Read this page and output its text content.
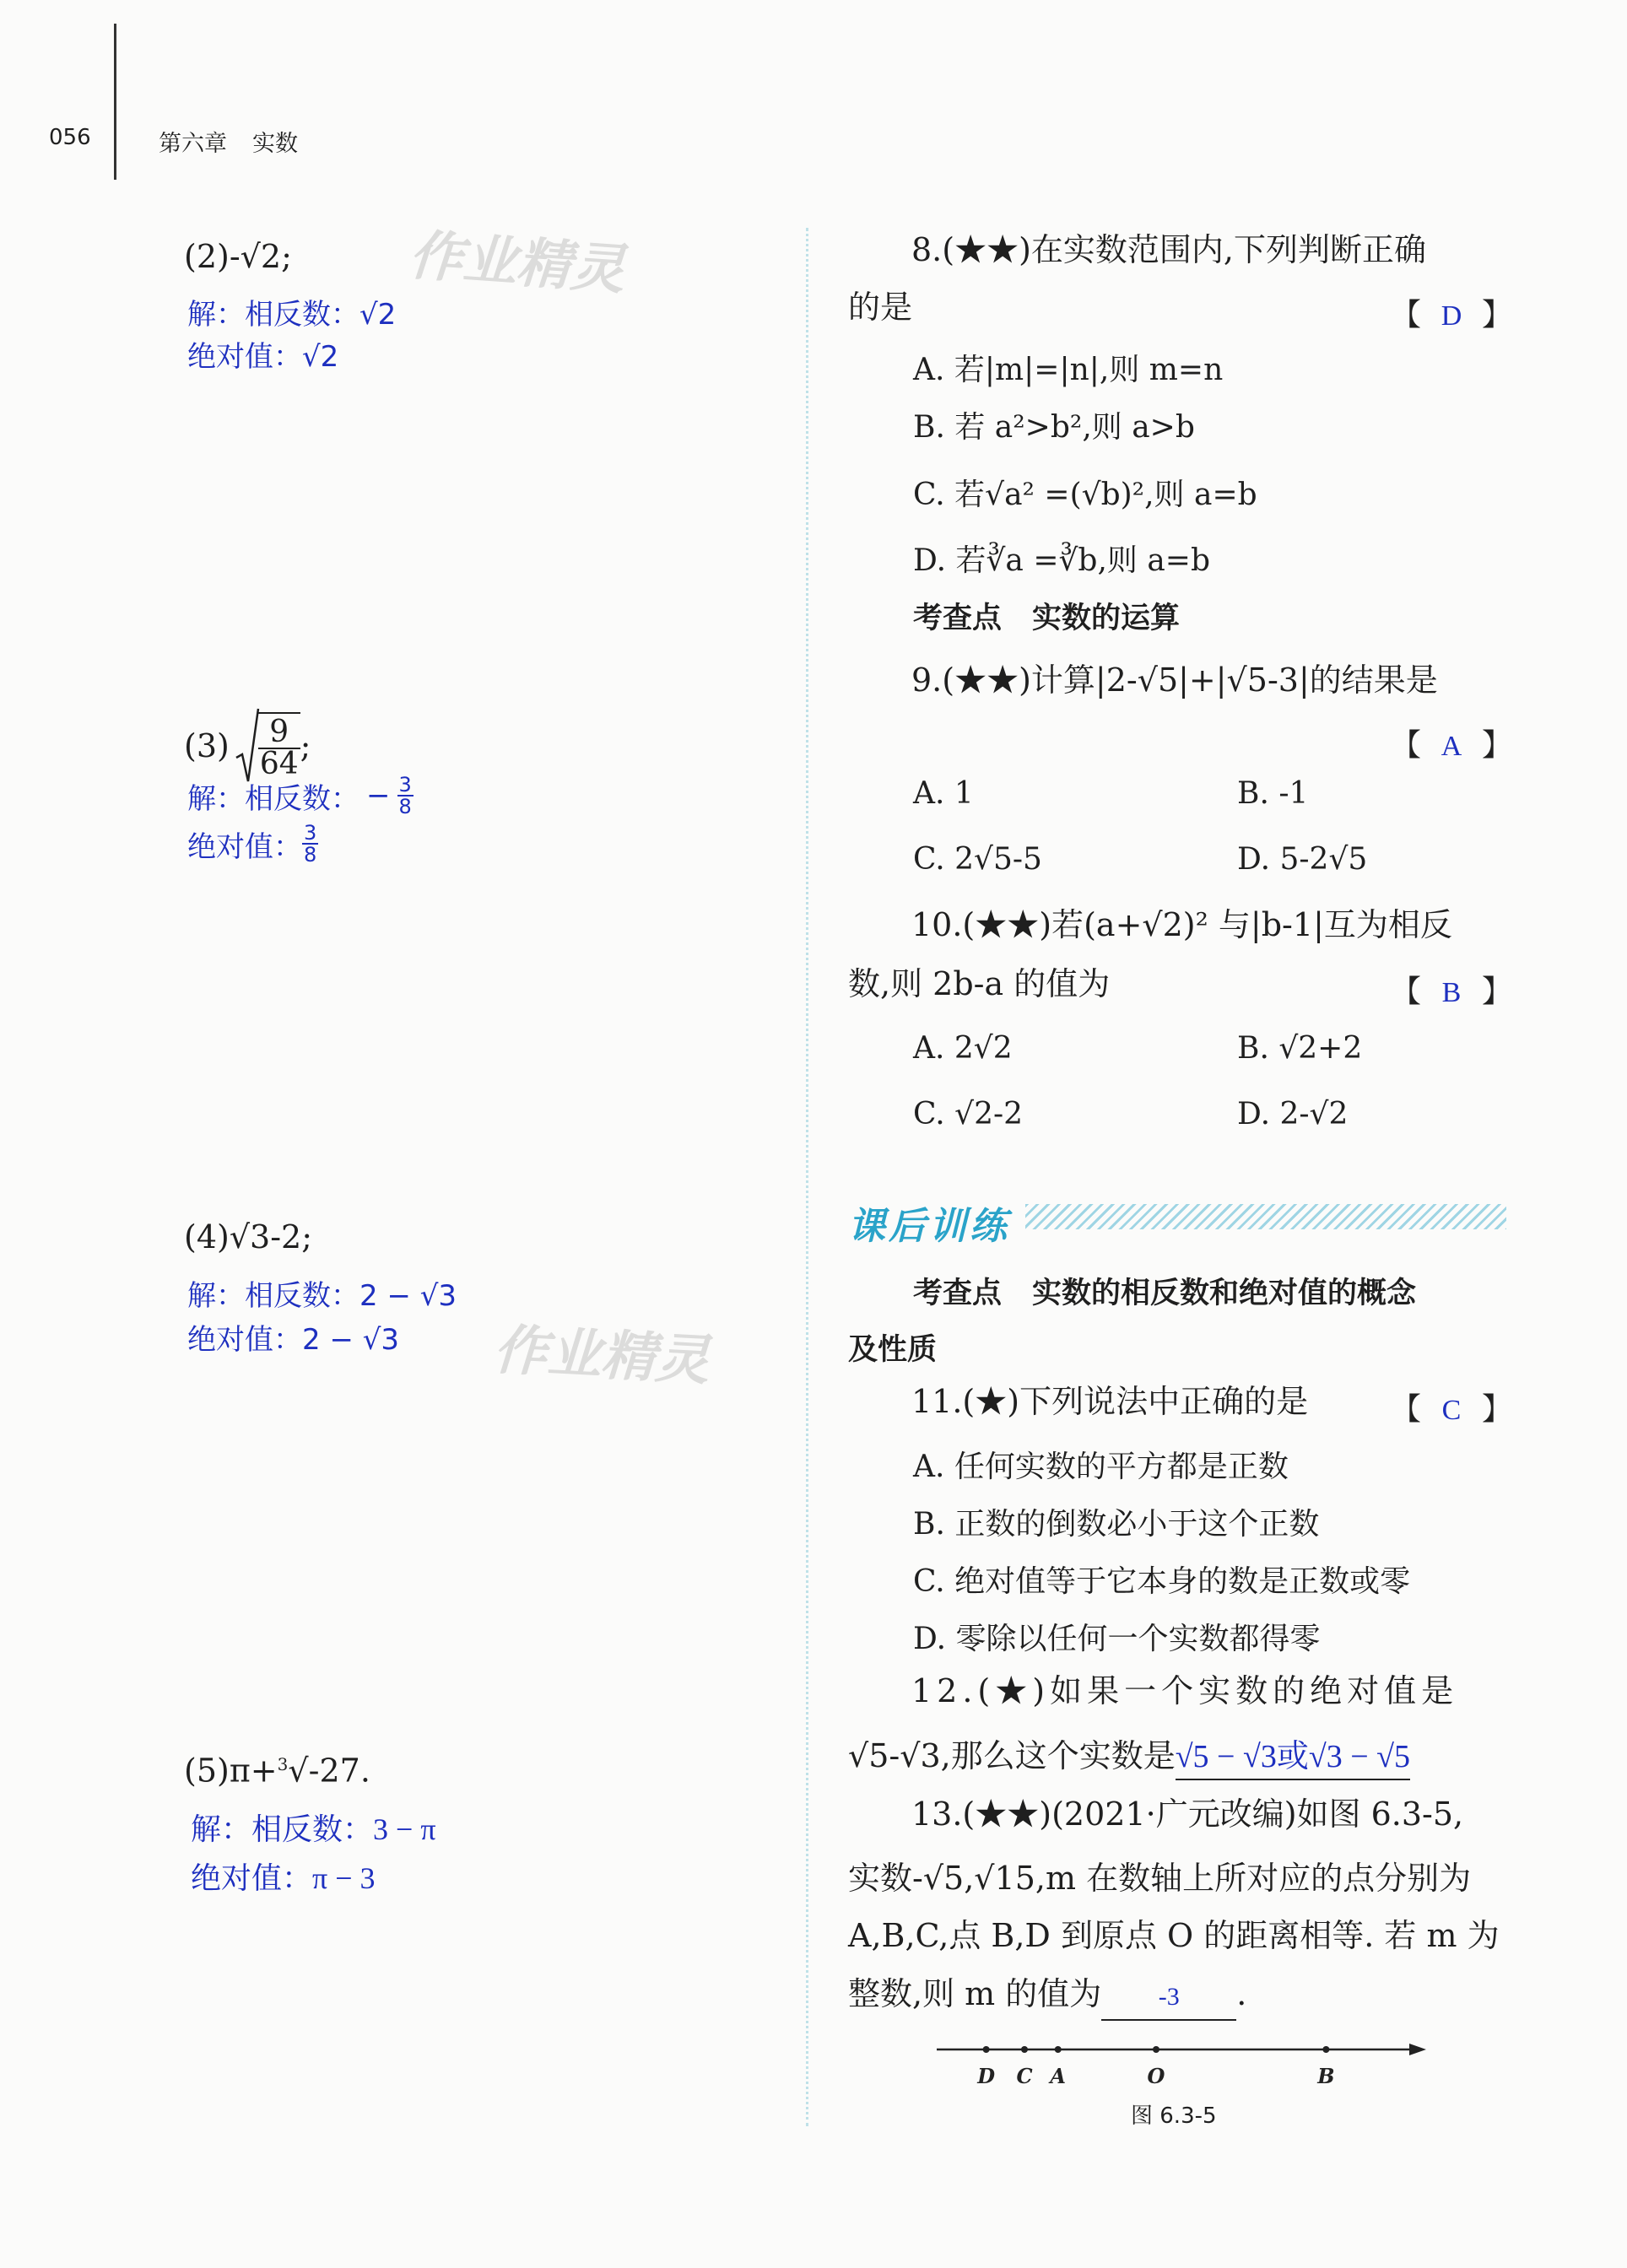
056	第六章 实数
作业精灵
作业精灵

(2)-√2;
解：相反数：√2
绝对值：√2
$(3) \frac{9}{64}$ ;
解：相反数： − $\frac{3}{8}$
绝对值： $\frac{3}{8}$
(4)√3-2;
解：相反数：2 − √3
绝对值：2 − √3
(5)π+$^3$√-27.
解：相反数：3 − π
绝对值：π − 3
8.(★★)在实数范围内,下列判断正确
的是	【 D 】
A. 若|m|=|n|,则 m=n
B. 若 a²>b²,则 a>b
C. 若√a² =(√b)²,则 a=b
D. 若∛a =∛b,则 a=b
考查点 实数的运算
9.(★★)计算|2-√5|+|√5-3|的结果是
【 A 】
A. 1	B. -1
C. 2√5-5	D. 5-2√5
10.(★★)若(a+√2)² 与|b-1|互为相反
数,则 2b-a 的值为	【 B 】
A. 2√2	B. √2+2
C. √2-2	D. 2-√2
课后训练
考查点 实数的相反数和绝对值的概念
及性质
11.(★)下列说法中正确的是	【 C 】
A. 任何实数的平方都是正数
B. 正数的倒数必小于这个正数
C. 绝对值等于它本身的数是正数或零
D. 零除以任何一个实数都得零
12.(★)如果一个实数的绝对值是
√5-√3,那么这个实数是√5 − √3或√3 − √5
13.(★★)(2021·广元改编)如图 6.3-5,
实数-√5,√15,m 在数轴上所对应的点分别为
A,B,C,点 B,D 到原点 O 的距离相等. 若 m 为
整数,则 m 的值为 -3 .
D C A	O	B
图 6.3-5
